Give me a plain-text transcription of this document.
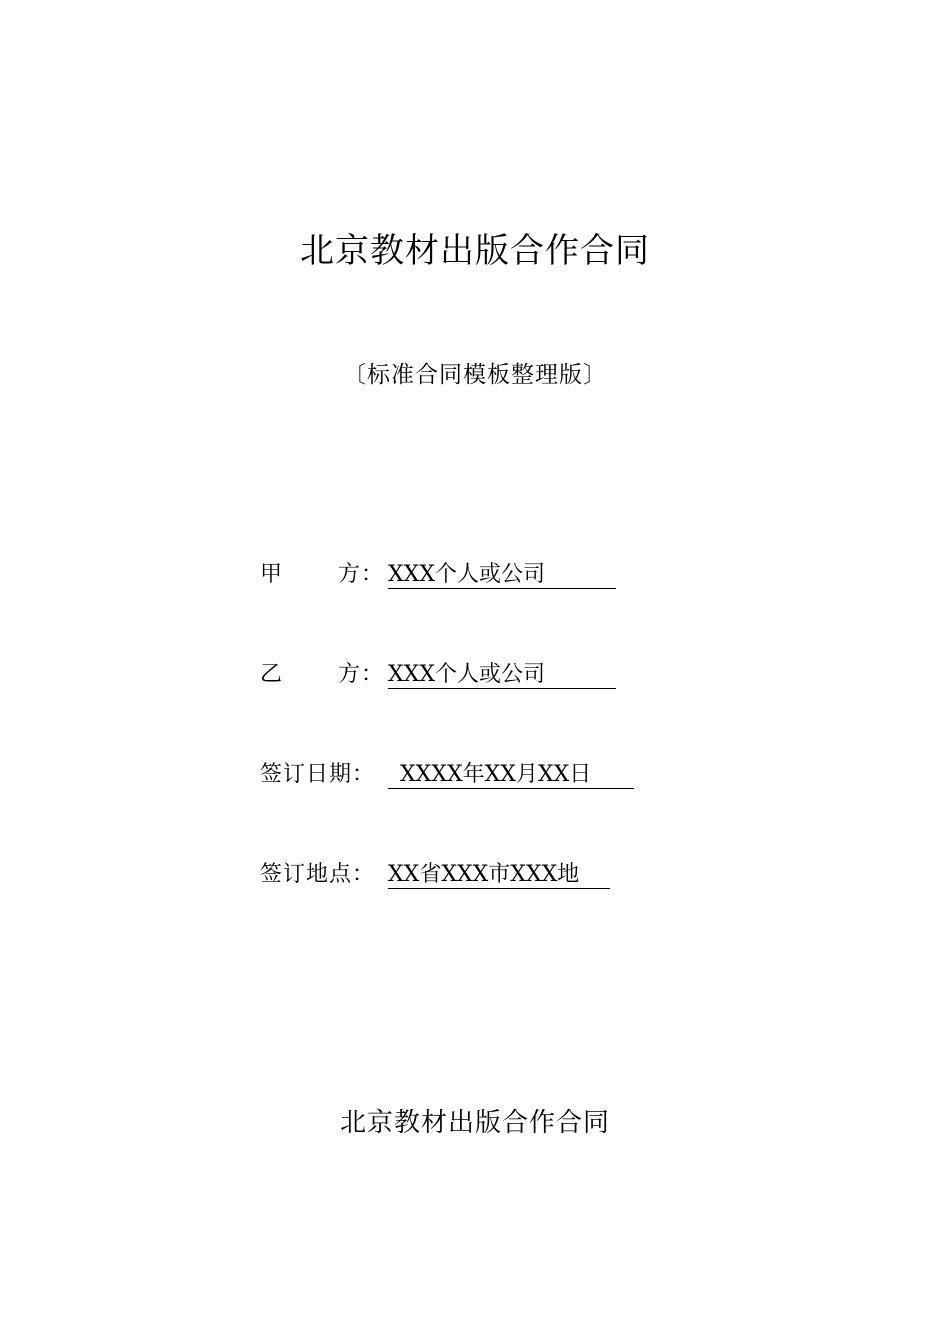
北京教材出版合作合同
〔标准合同模板整理版〕
甲 方： XXX个人或公司
乙 方： XXX个人或公司
签订日期： XXXX年XX月XX日
签订地点： XX省XXX市XXX地
北京教材出版合作合同
